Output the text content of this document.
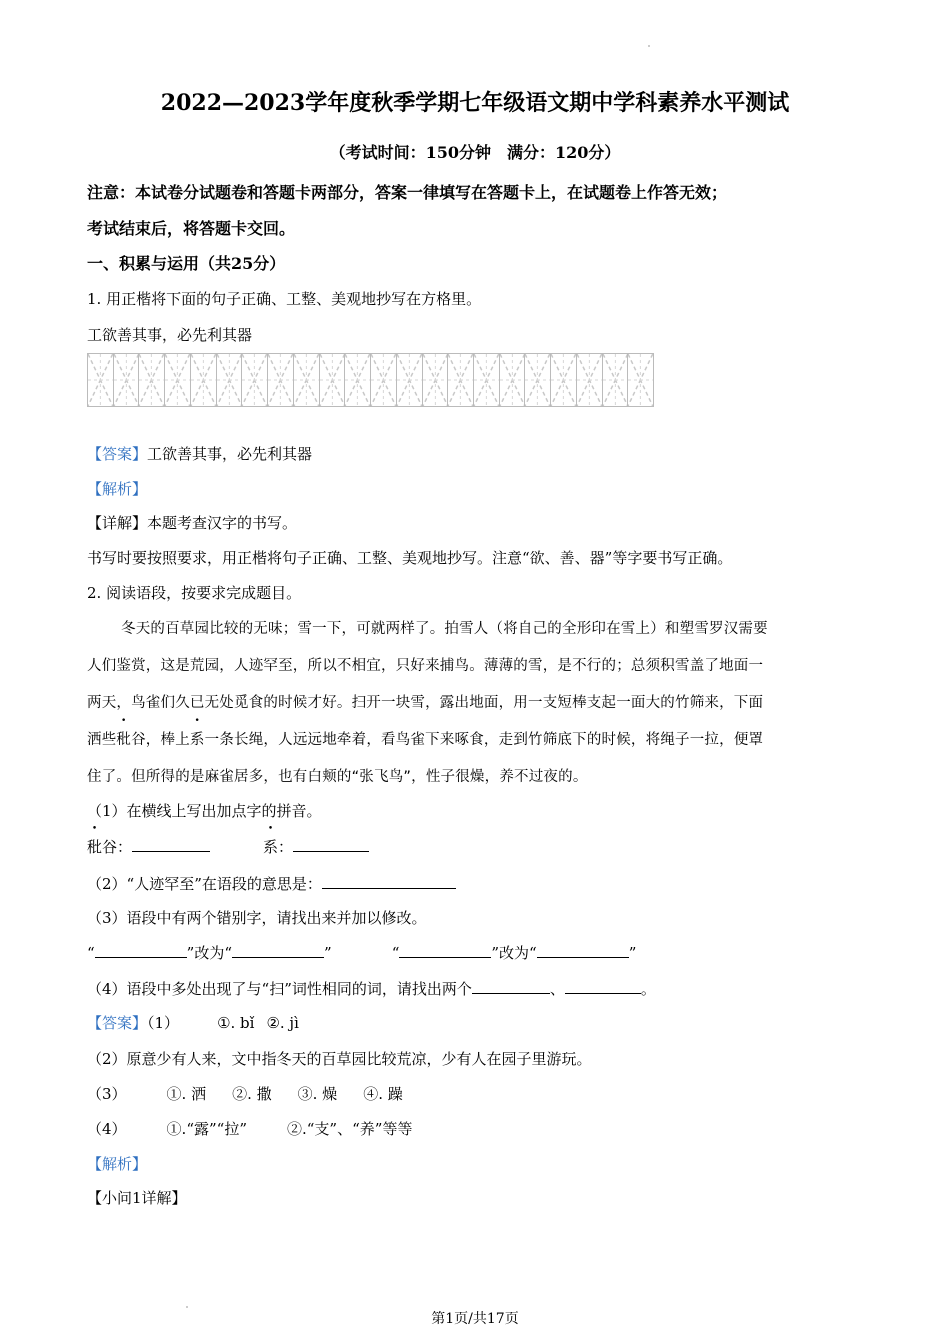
2022—2023学年度秋季学期七年级语文期中学科素养水平测试
（考试时间：150分钟　满分：120分）
注意：本试卷分试题卷和答题卡两部分，答案一律填写在答题卡上，在试题卷上作答无效；
考试结束后，将答题卡交回。
一、积累与运用（共25分）
1. 用正楷将下面的句子正确、工整、美观地抄写在方格里。
工欲善其事，必先利其器
【答案】工欲善其事，必先利其器
【解析】
【详解】本题考查汉字的书写。
书写时要按照要求，用正楷将句子正确、工整、美观地抄写。注意“欲、善、器”等字要书写正确。
2. 阅读语段，按要求完成题目。
冬天的百草园比较的无味；雪一下，可就两样了。拍雪人（将自己的全形印在雪上）和塑雪罗汉需要
人们鉴赏，这是荒园，人迹罕至，所以不相宜，只好来捕鸟。薄薄的雪，是不行的；总须积雪盖了地面一
两天，鸟雀们久已无处觅食的时候才好。扫开一块雪，露出地面，用一支短棒支起一面大的竹筛来，下面
洒些秕谷，棒上系一条长绳，人远远地牵着，看鸟雀下来啄食，走到竹筛底下的时候，将绳子一拉，便罩
住了。但所得的是麻雀居多，也有白颊的“张飞鸟”，性子很燥，养不过夜的。
（1）在横线上写出加点字的拼音。
秕谷：	系：
（2）“人迹罕至”在语段的意思是：
（3）语段中有两个错别字，请找出来并加以修改。
“	”改为“	”	“	”改为“	”
（4）语段中多处出现了与“扫”词性相同的词，请找出两个	、	。
【答案】（1）	①. bǐ ②. jì
（2）原意少有人来，文中指冬天的百草园比较荒凉，少有人在园子里游玩。
（3）	①. 洒 ②. 撒 ③. 燥 ④. 躁
（4）	①.“露”“拉”	②.“支”、“养”等等
【解析】
【小问1详解】
第1页/共17页
